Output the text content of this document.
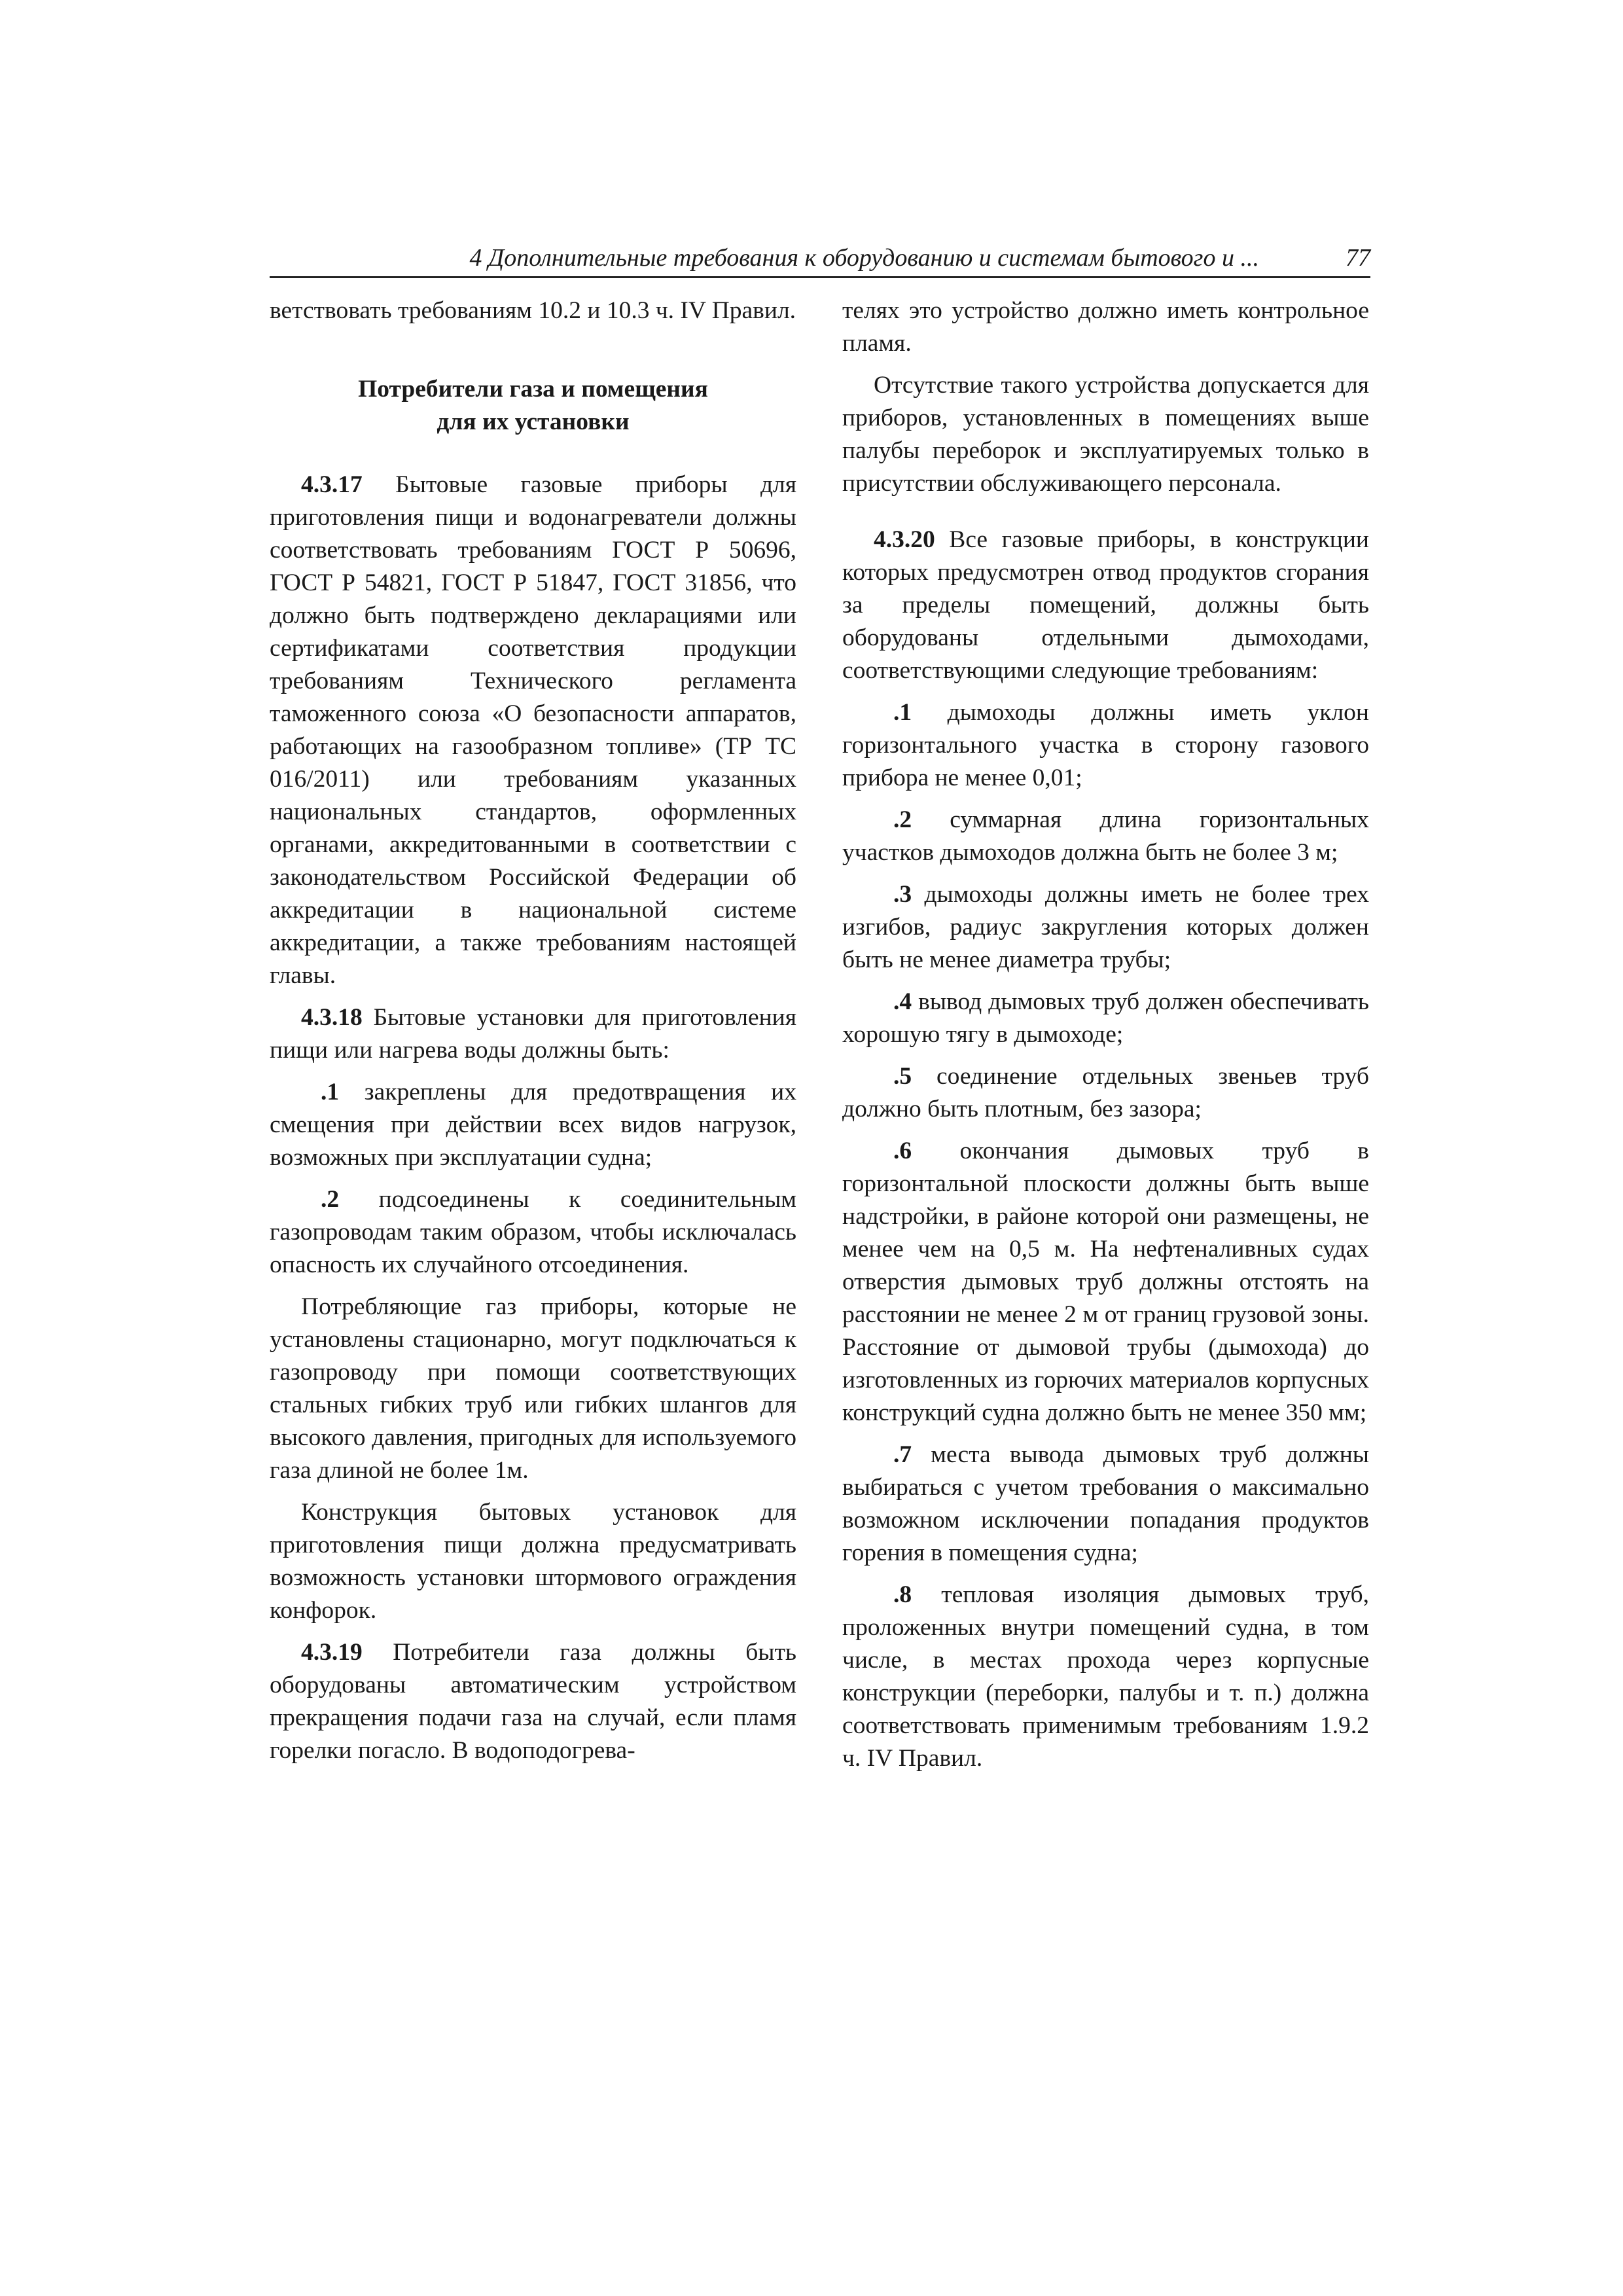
4 Дополнительные требования к оборудованию и системам бытового и ...	77

ветствовать требованиям 10.2 и 10.3 ч. IV Правил.

Потребители газа и помещения
для их установки

4.3.17 Бытовые газовые приборы для приготовления пищи и водонагреватели должны соответствовать требованиям ГОСТ Р 50696, ГОСТ Р 54821, ГОСТ Р 51847, ГОСТ 31856, что должно быть подтверждено декларациями или сертификатами соответствия продукции требованиям Технического регламента таможенного союза «О безопасности аппаратов, работающих на газообразном топливе» (ТР ТС 016/2011) или требованиям указанных национальных стандартов, оформленных органами, аккредитованными в соответствии с законодательством Российской Федерации об аккредитации в национальной системе аккредитации, а также требованиям настоящей главы.

4.3.18 Бытовые установки для приготовления пищи или нагрева воды должны быть:

.1 закреплены для предотвращения их смещения при действии всех видов нагрузок, возможных при эксплуатации судна;

.2 подсоединены к соединительным газопроводам таким образом, чтобы исключалась опасность их случайного отсоединения.

Потребляющие газ приборы, которые не установлены стационарно, могут подключаться к газопроводу при помощи соответствующих стальных гибких труб или гибких шлангов для высокого давления, пригодных для используемого газа длиной не более 1м.

Конструкция бытовых установок для приготовления пищи должна предусматривать возможность установки штормового ограждения конфорок.

4.3.19 Потребители газа должны быть оборудованы автоматическим устройством прекращения подачи газа на случай, если пламя горелки погасло. В водоподогрева-

телях это устройство должно иметь контрольное пламя.

Отсутствие такого устройства допускается для приборов, установленных в помещениях выше палубы переборок и эксплуатируемых только в присутствии обслуживающего персонала.

4.3.20 Все газовые приборы, в конструкции которых предусмотрен отвод продуктов сгорания за пределы помещений, должны быть оборудованы отдельными дымоходами, соответствующими следующие требованиям:

.1 дымоходы должны иметь уклон горизонтального участка в сторону газового прибора не менее 0,01;

.2 суммарная длина горизонтальных участков дымоходов должна быть не более 3 м;

.3 дымоходы должны иметь не более трех изгибов, радиус закругления которых должен быть не менее диаметра трубы;

.4 вывод дымовых труб должен обеспечивать хорошую тягу в дымоходе;

.5 соединение отдельных звеньев труб должно быть плотным, без зазора;

.6 окончания дымовых труб в горизонтальной плоскости должны быть выше надстройки, в районе которой они размещены, не менее чем на 0,5 м. На нефтеналивных судах отверстия дымовых труб должны отстоять на расстоянии не менее 2 м от границ грузовой зоны. Расстояние от дымовой трубы (дымохода) до изготовленных из горючих материалов корпусных конструкций судна должно быть не менее 350 мм;

.7 места вывода дымовых труб должны выбираться с учетом требования о максимально возможном исключении попадания продуктов горения в помещения судна;

.8 тепловая изоляция дымовых труб, проложенных внутри помещений судна, в том числе, в местах прохода через корпусные конструкции (переборки, палубы и т. п.) должна соответствовать применимым требованиям 1.9.2 ч. IV Правил.
